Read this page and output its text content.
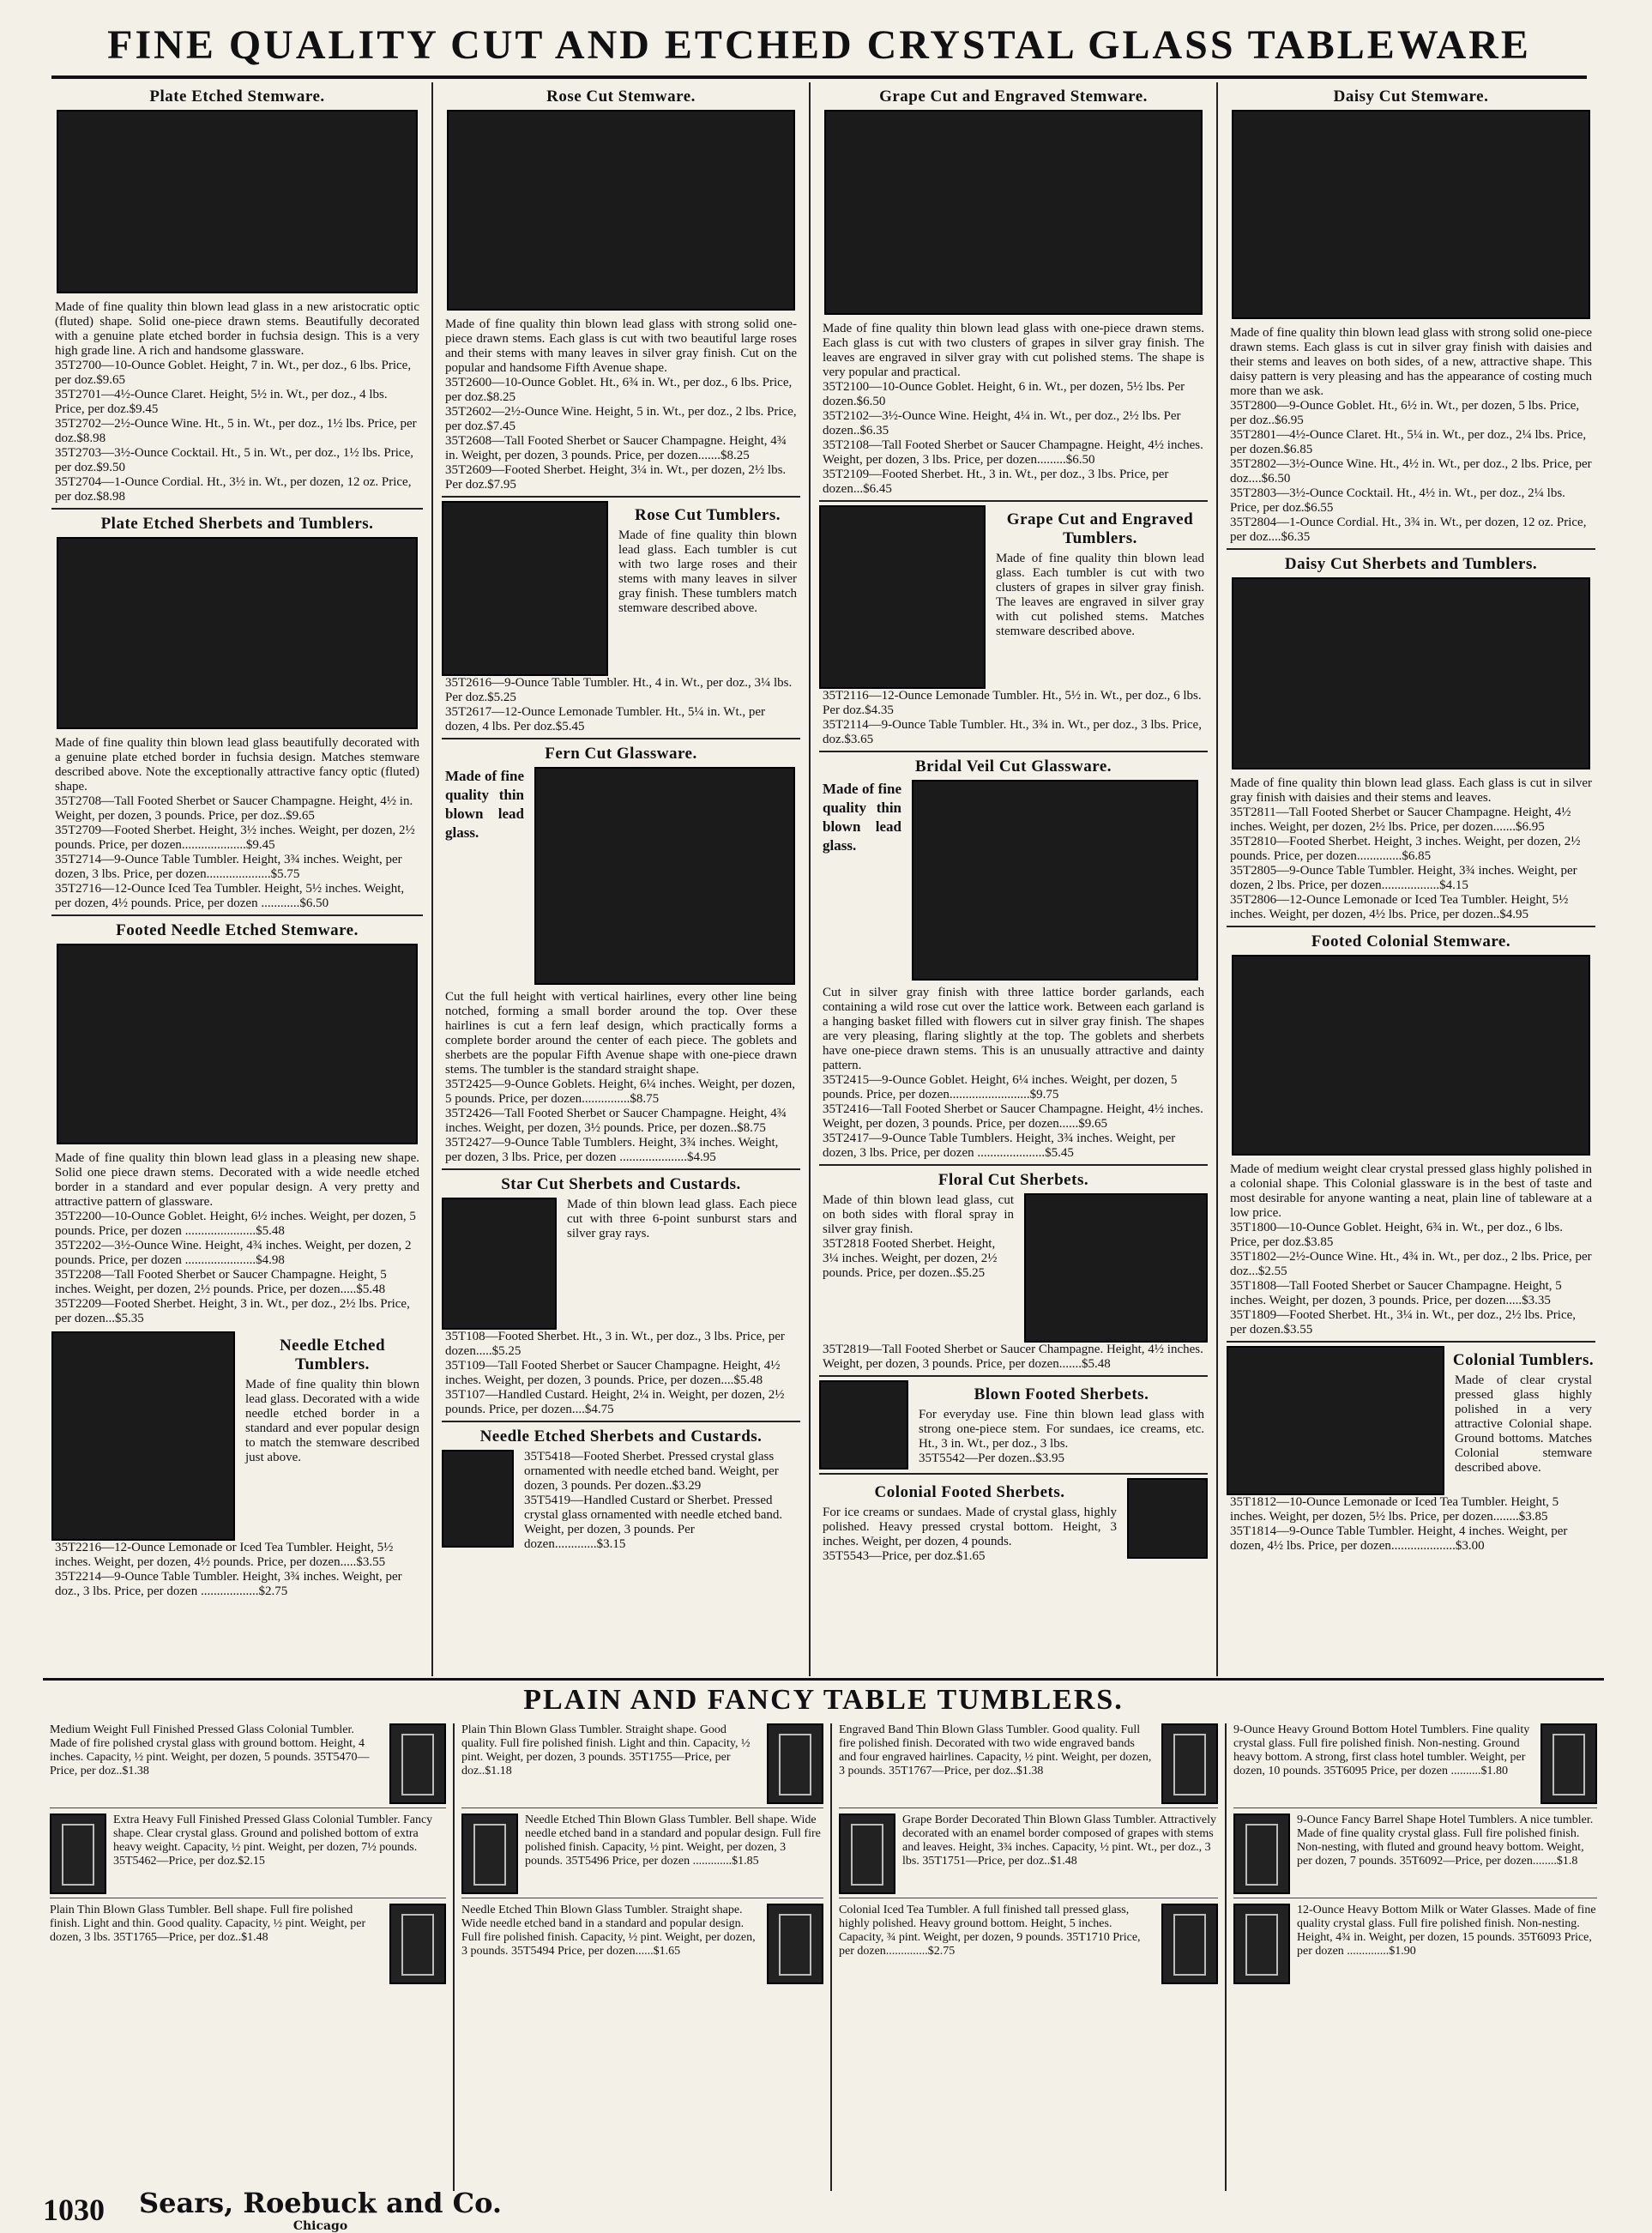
FINE QUALITY CUT AND ETCHED CRYSTAL GLASS TABLEWARE
Plate Etched Stemware.
Made of fine quality thin blown lead glass in a new aristocratic optic (fluted) shape. Solid one-piece drawn stems. Beautifully decorated with a genuine plate etched border in fuchsia design. This is a very high grade line. A rich and handsome glassware.
35T2700—10-Ounce Goblet. Height, 7 in. Wt., per doz., 6 lbs. Price, per doz.$9.65
35T2701—4½-Ounce Claret. Height, 5½ in. Wt., per doz., 4 lbs. Price, per doz.$9.45
35T2702—2½-Ounce Wine. Ht., 5 in. Wt., per doz., 1½ lbs. Price, per doz.$8.98
35T2703—3½-Ounce Cocktail. Ht., 5 in. Wt., per doz., 1½ lbs. Price, per doz.$9.50
35T2704—1-Ounce Cordial. Ht., 3½ in. Wt., per dozen, 12 oz. Price, per doz.$8.98
Plate Etched Sherbets and Tumblers.
Made of fine quality thin blown lead glass beautifully decorated with a genuine plate etched border in fuchsia design. Matches stemware described above. Note the exceptionally attractive fancy optic (fluted) shape.
35T2708—Tall Footed Sherbet or Saucer Champagne. Height, 4½ in. Weight, per dozen, 3 pounds. Price, per doz..$9.65
35T2709—Footed Sherbet. Height, 3½ inches. Weight, per dozen, 2½ pounds. Price, per dozen....................$9.45
35T2714—9-Ounce Table Tumbler. Height, 3¾ inches. Weight, per dozen, 3 lbs. Price, per dozen....................$5.75
35T2716—12-Ounce Iced Tea Tumbler. Height, 5½ inches. Weight, per dozen, 4½ pounds. Price, per dozen ............$6.50
Footed Needle Etched Stemware.
Made of fine quality thin blown lead glass in a pleasing new shape. Solid one piece drawn stems. Decorated with a wide needle etched border in a standard and ever popular design. A very pretty and attractive pattern of glassware.
35T2200—10-Ounce Goblet. Height, 6½ inches. Weight, per dozen, 5 pounds. Price, per dozen ......................$5.48
35T2202—3½-Ounce Wine. Height, 4¾ inches. Weight, per dozen, 2 pounds. Price, per dozen ......................$4.98
35T2208—Tall Footed Sherbet or Saucer Champagne. Height, 5 inches. Weight, per dozen, 2½ pounds. Price, per dozen.....$5.48
35T2209—Footed Sherbet. Height, 3 in. Wt., per doz., 2½ lbs. Price, per dozen...$5.35
Needle Etched Tumblers.
Made of fine quality thin blown lead glass. Decorated with a wide needle etched border in a standard and ever popular design to match the stemware described just above.
35T2216—12-Ounce Lemonade or Iced Tea Tumbler. Height, 5½ inches. Weight, per dozen, 4½ pounds. Price, per dozen.....$3.55
35T2214—9-Ounce Table Tumbler. Height, 3¾ inches. Weight, per doz., 3 lbs. Price, per dozen ..................$2.75
Rose Cut Stemware.
Made of fine quality thin blown lead glass with strong solid one-piece drawn stems. Each glass is cut with two beautiful large roses and their stems with many leaves in silver gray finish. Cut on the popular and handsome Fifth Avenue shape.
35T2600—10-Ounce Goblet. Ht., 6¾ in. Wt., per doz., 6 lbs. Price, per doz.$8.25
35T2602—2½-Ounce Wine. Height, 5 in. Wt., per doz., 2 lbs. Price, per doz.$7.45
35T2608—Tall Footed Sherbet or Saucer Champagne. Height, 4¾ in. Weight, per dozen, 3 pounds. Price, per dozen.......$8.25
35T2609—Footed Sherbet. Height, 3¼ in. Wt., per dozen, 2½ lbs. Per doz.$7.95
Rose Cut Tumblers.
Made of fine quality thin blown lead glass. Each tumbler is cut with two large roses and their stems with many leaves in silver gray finish. These tumblers match stemware described above.
35T2616—9-Ounce Table Tumbler. Ht., 4 in. Wt., per doz., 3¼ lbs. Per doz.$5.25
35T2617—12-Ounce Lemonade Tumbler. Ht., 5¼ in. Wt., per dozen, 4 lbs. Per doz.$5.45
Fern Cut Glassware.
Made of fine quality thin blown lead glass.
Cut the full height with vertical hairlines, every other line being notched, forming a small border around the top. Over these hairlines is cut a fern leaf design, which practically forms a complete border around the center of each piece. The goblets and sherbets are the popular Fifth Avenue shape with one-piece drawn stems. The tumbler is the standard straight shape.
35T2425—9-Ounce Goblets. Height, 6¼ inches. Weight, per dozen, 5 pounds. Price, per dozen...............$8.75
35T2426—Tall Footed Sherbet or Saucer Champagne. Height, 4¾ inches. Weight, per dozen, 3½ pounds. Price, per dozen..$8.75
35T2427—9-Ounce Table Tumblers. Height, 3¾ inches. Weight, per dozen, 3 lbs. Price, per dozen .....................$4.95
Star Cut Sherbets and Custards.
Made of thin blown lead glass. Each piece cut with three 6-point sunburst stars and silver gray rays.
35T108—Footed Sherbet. Ht., 3 in. Wt., per doz., 3 lbs. Price, per dozen.....$5.25
35T109—Tall Footed Sherbet or Saucer Champagne. Height, 4½ inches. Weight, per dozen, 3 pounds. Price, per dozen....$5.48
35T107—Handled Custard. Height, 2¼ in. Weight, per dozen, 2½ pounds. Price, per dozen....$4.75
Needle Etched Sherbets and Custards.
35T5418—Footed Sherbet. Pressed crystal glass ornamented with needle etched band. Weight, per dozen, 3 pounds. Per dozen..$3.29
35T5419—Handled Custard or Sherbet. Pressed crystal glass ornamented with needle etched band. Weight, per dozen, 3 pounds. Per dozen.............$3.15
Grape Cut and Engraved Stemware.
Made of fine quality thin blown lead glass with one-piece drawn stems. Each glass is cut with two clusters of grapes in silver gray finish. The leaves are engraved in silver gray with cut polished stems. The shape is very popular and practical.
35T2100—10-Ounce Goblet. Height, 6 in. Wt., per dozen, 5½ lbs. Per dozen.$6.50
35T2102—3½-Ounce Wine. Height, 4¼ in. Wt., per doz., 2½ lbs. Per dozen..$6.35
35T2108—Tall Footed Sherbet or Saucer Champagne. Height, 4½ inches. Weight, per dozen, 3 lbs. Price, per dozen.........$6.50
35T2109—Footed Sherbet. Ht., 3 in. Wt., per doz., 3 lbs. Price, per dozen...$6.45
Grape Cut and Engraved Tumblers.
Made of fine quality thin blown lead glass. Each tumbler is cut with two clusters of grapes in silver gray finish. The leaves are engraved in silver gray with cut polished stems. Matches stemware described above.
35T2116—12-Ounce Lemonade Tumbler. Ht., 5½ in. Wt., per doz., 6 lbs. Per doz.$4.35
35T2114—9-Ounce Table Tumbler. Ht., 3¾ in. Wt., per doz., 3 lbs. Price, doz.$3.65
Bridal Veil Cut Glassware.
Made of fine quality thin blown lead glass.
Cut in silver gray finish with three lattice border garlands, each containing a wild rose cut over the lattice work. Between each garland is a hanging basket filled with flowers cut in silver gray finish. The shapes are very pleasing, flaring slightly at the top. The goblets and sherbets have one-piece drawn stems. This is an unusually attractive and dainty pattern.
35T2415—9-Ounce Goblet. Height, 6¼ inches. Weight, per dozen, 5 pounds. Price, per dozen.........................$9.75
35T2416—Tall Footed Sherbet or Saucer Champagne. Height, 4½ inches. Weight, per dozen, 3 pounds. Price, per dozen......$9.65
35T2417—9-Ounce Table Tumblers. Height, 3¾ inches. Weight, per dozen, 3 lbs. Price, per dozen .....................$5.45
Floral Cut Sherbets.
Made of thin blown lead glass, cut on both sides with floral spray in silver gray finish.
35T2818 Footed Sherbet. Height, 3¼ inches. Weight, per dozen, 2½ pounds. Price, per dozen..$5.25
35T2819—Tall Footed Sherbet or Saucer Champagne. Height, 4½ inches. Weight, per dozen, 3 pounds. Price, per dozen.......$5.48
Blown Footed Sherbets.
For everyday use. Fine thin blown lead glass with strong one-piece stem. For sundaes, ice creams, etc. Ht., 3 in. Wt., per doz., 3 lbs.
35T5542—Per dozen..$3.95
Colonial Footed Sherbets.
For ice creams or sundaes. Made of crystal glass, highly polished. Heavy pressed crystal bottom. Height, 3 inches. Weight, per dozen, 4 pounds.
35T5543—Price, per doz.$1.65
Daisy Cut Stemware.
Made of fine quality thin blown lead glass with strong solid one-piece drawn stems. Each glass is cut in silver gray finish with daisies and their stems and leaves on both sides, of a new, attractive shape. This daisy pattern is very pleasing and has the appearance of costing much more than we ask.
35T2800—9-Ounce Goblet. Ht., 6½ in. Wt., per dozen, 5 lbs. Price, per doz..$6.95
35T2801—4½-Ounce Claret. Ht., 5¼ in. Wt., per doz., 2¼ lbs. Price, per dozen.$6.85
35T2802—3½-Ounce Wine. Ht., 4½ in. Wt., per doz., 2 lbs. Price, per doz....$6.50
35T2803—3½-Ounce Cocktail. Ht., 4½ in. Wt., per doz., 2¼ lbs. Price, per doz.$6.55
35T2804—1-Ounce Cordial. Ht., 3¾ in. Wt., per dozen, 12 oz. Price, per doz....$6.35
Daisy Cut Sherbets and Tumblers.
Made of fine quality thin blown lead glass. Each glass is cut in silver gray finish with daisies and their stems and leaves.
35T2811—Tall Footed Sherbet or Saucer Champagne. Height, 4½ inches. Weight, per dozen, 2½ lbs. Price, per dozen.......$6.95
35T2810—Footed Sherbet. Height, 3 inches. Weight, per dozen, 2½ pounds. Price, per dozen..............$6.85
35T2805—9-Ounce Table Tumbler. Height, 3¾ inches. Weight, per dozen, 2 lbs. Price, per dozen..................$4.15
35T2806—12-Ounce Lemonade or Iced Tea Tumbler. Height, 5½ inches. Weight, per dozen, 4½ lbs. Price, per dozen..$4.95
Footed Colonial Stemware.
Made of medium weight clear crystal pressed glass highly polished in a colonial shape. This Colonial glassware is in the best of taste and most desirable for anyone wanting a neat, plain line of tableware at a low price.
35T1800—10-Ounce Goblet. Height, 6¾ in. Wt., per doz., 6 lbs. Price, per doz.$3.85
35T1802—2½-Ounce Wine. Ht., 4¾ in. Wt., per doz., 2 lbs. Price, per doz...$2.55
35T1808—Tall Footed Sherbet or Saucer Champagne. Height, 5 inches. Weight, per dozen, 3 pounds. Price, per dozen.....$3.35
35T1809—Footed Sherbet. Ht., 3¼ in. Wt., per doz., 2½ lbs. Price, per dozen.$3.55
Colonial Tumblers.
Made of clear crystal pressed glass highly polished in a very attractive Colonial shape. Ground bottoms. Matches Colonial stemware described above.
35T1812—10-Ounce Lemonade or Iced Tea Tumbler. Height, 5 inches. Weight, per dozen, 5½ lbs. Price, per dozen........$3.85
35T1814—9-Ounce Table Tumbler. Height, 4 inches. Weight, per dozen, 4½ lbs. Price, per dozen....................$3.00
PLAIN AND FANCY TABLE TUMBLERS.
Medium Weight Full Finished Pressed Glass Colonial Tumbler. Made of fire polished crystal glass with ground bottom. Height, 4 inches. Capacity, ½ pint. Weight, per dozen, 5 pounds. 35T5470—Price, per doz..$1.38
Extra Heavy Full Finished Pressed Glass Colonial Tumbler. Fancy shape. Clear crystal glass. Ground and polished bottom of extra heavy weight. Capacity, ½ pint. Weight, per dozen, 7½ pounds. 35T5462—Price, per doz.$2.15
Plain Thin Blown Glass Tumbler. Bell shape. Full fire polished finish. Light and thin. Good quality. Capacity, ½ pint. Weight, per dozen, 3 lbs. 35T1765—Price, per doz..$1.48
Plain Thin Blown Glass Tumbler. Straight shape. Good quality. Full fire polished finish. Light and thin. Capacity, ½ pint. Weight, per dozen, 3 pounds. 35T1755—Price, per doz..$1.18
Needle Etched Thin Blown Glass Tumbler. Bell shape. Wide needle etched band in a standard and popular design. Full fire polished finish. Capacity, ½ pint. Weight, per dozen, 3 pounds. 35T5496 Price, per dozen .............$1.85
Needle Etched Thin Blown Glass Tumbler. Straight shape. Wide needle etched band in a standard and popular design. Full fire polished finish. Capacity, ½ pint. Weight, per dozen, 3 pounds. 35T5494 Price, per dozen......$1.65
Engraved Band Thin Blown Glass Tumbler. Good quality. Full fire polished finish. Decorated with two wide engraved bands and four engraved hairlines. Capacity, ½ pint. Weight, per dozen, 3 pounds. 35T1767—Price, per doz..$1.38
Grape Border Decorated Thin Blown Glass Tumbler. Attractively decorated with an enamel border composed of grapes with stems and leaves. Height, 3¾ inches. Capacity, ½ pint. Wt., per doz., 3 lbs. 35T1751—Price, per doz..$1.48
Colonial Iced Tea Tumbler. A full finished tall pressed glass, highly polished. Heavy ground bottom. Height, 5 inches. Capacity, ¾ pint. Weight, per dozen, 9 pounds. 35T1710 Price, per dozen..............$2.75
9-Ounce Heavy Ground Bottom Hotel Tumblers. Fine quality crystal glass. Full fire polished finish. Non-nesting. Ground heavy bottom. A strong, first class hotel tumbler. Weight, per dozen, 10 pounds. 35T6095 Price, per dozen ..........$1.80
9-Ounce Fancy Barrel Shape Hotel Tumblers. A nice tumbler. Made of fine quality crystal glass. Full fire polished finish. Non-nesting, with fluted and ground heavy bottom. Weight, per dozen, 7 pounds. 35T6092—Price, per dozen........$1.8
12-Ounce Heavy Bottom Milk or Water Glasses. Made of fine quality crystal glass. Full fire polished finish. Non-nesting. Height, 4¾ in. Weight, per dozen, 15 pounds. 35T6093 Price, per dozen ..............$1.90
1030 Sears, Roebuck and Co.
Chicago
